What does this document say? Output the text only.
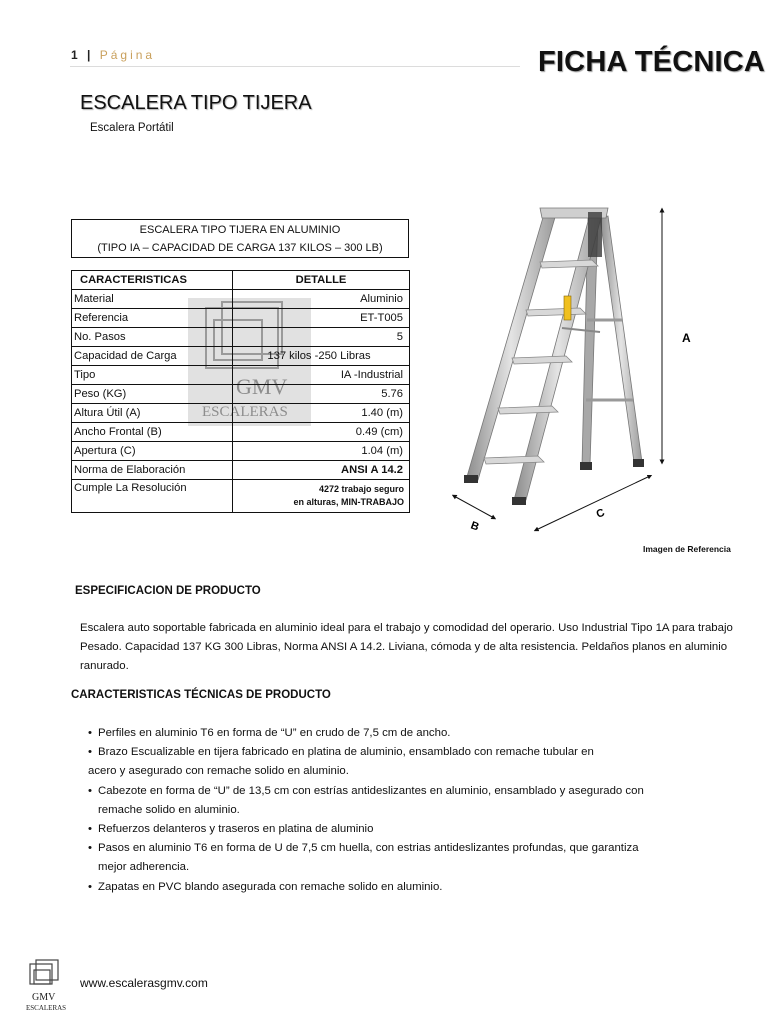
1 | Página	FICHA TÉCNICA
ESCALERA TIPO TIJERA
Escalera Portátil
ESCALERA TIPO TIJERA EN ALUMINIO
(TIPO IA – CAPACIDAD DE CARGA 137 KILOS – 300 LB)
GMV
ESCALERAS
CARACTERISTICAS	DETALLE
Material	Aluminio
Referencia	ET-T005
No. Pasos	5
Capacidad de Carga	137 kilos -250 Libras
Tipo	IA -Industrial
Peso (KG)	5.76
Altura Útil (A)	1.40 (m)
Ancho Frontal (B)	0.49 (cm)
Apertura (C)	1.04 (m)
Norma de Elaboración	ANSI A 14.2
Cumple La Resolución	4272 trabajo seguro
en alturas, MIN-TRABAJO
A
B
C
Imagen de Referencia
ESPECIFICACION DE PRODUCTO
Escalera auto soportable fabricada en aluminio ideal para el trabajo y comodidad del operario. Uso Industrial Tipo 1A para trabajo Pesado. Capacidad 137 KG 300 Libras, Norma ANSI A 14.2. Liviana, cómoda y de alta resistencia. Peldaños planos en aluminio ranurado.
CARACTERISTICAS TÉCNICAS DE PRODUCTO
• Perfiles en aluminio T6 en forma de “U” en crudo de 7,5 cm de ancho.
• Brazo Escualizable en tijera fabricado en platina de aluminio, ensamblado con remache tubular en
acero y asegurado con remache solido en aluminio.
• Cabezote en forma de “U” de 13,5 cm con estrías antideslizantes en aluminio, ensamblado y asegurado con
remache solido en aluminio.
• Refuerzos delanteros y traseros en platina de aluminio
• Pasos en aluminio T6 en forma de U de 7,5 cm huella, con estrias antideslizantes profundas, que garantiza
mejor adherencia.
• Zapatas en PVC blando asegurada con remache solido en aluminio.
GMV
ESCALERAS
www.escalerasgmv.com
